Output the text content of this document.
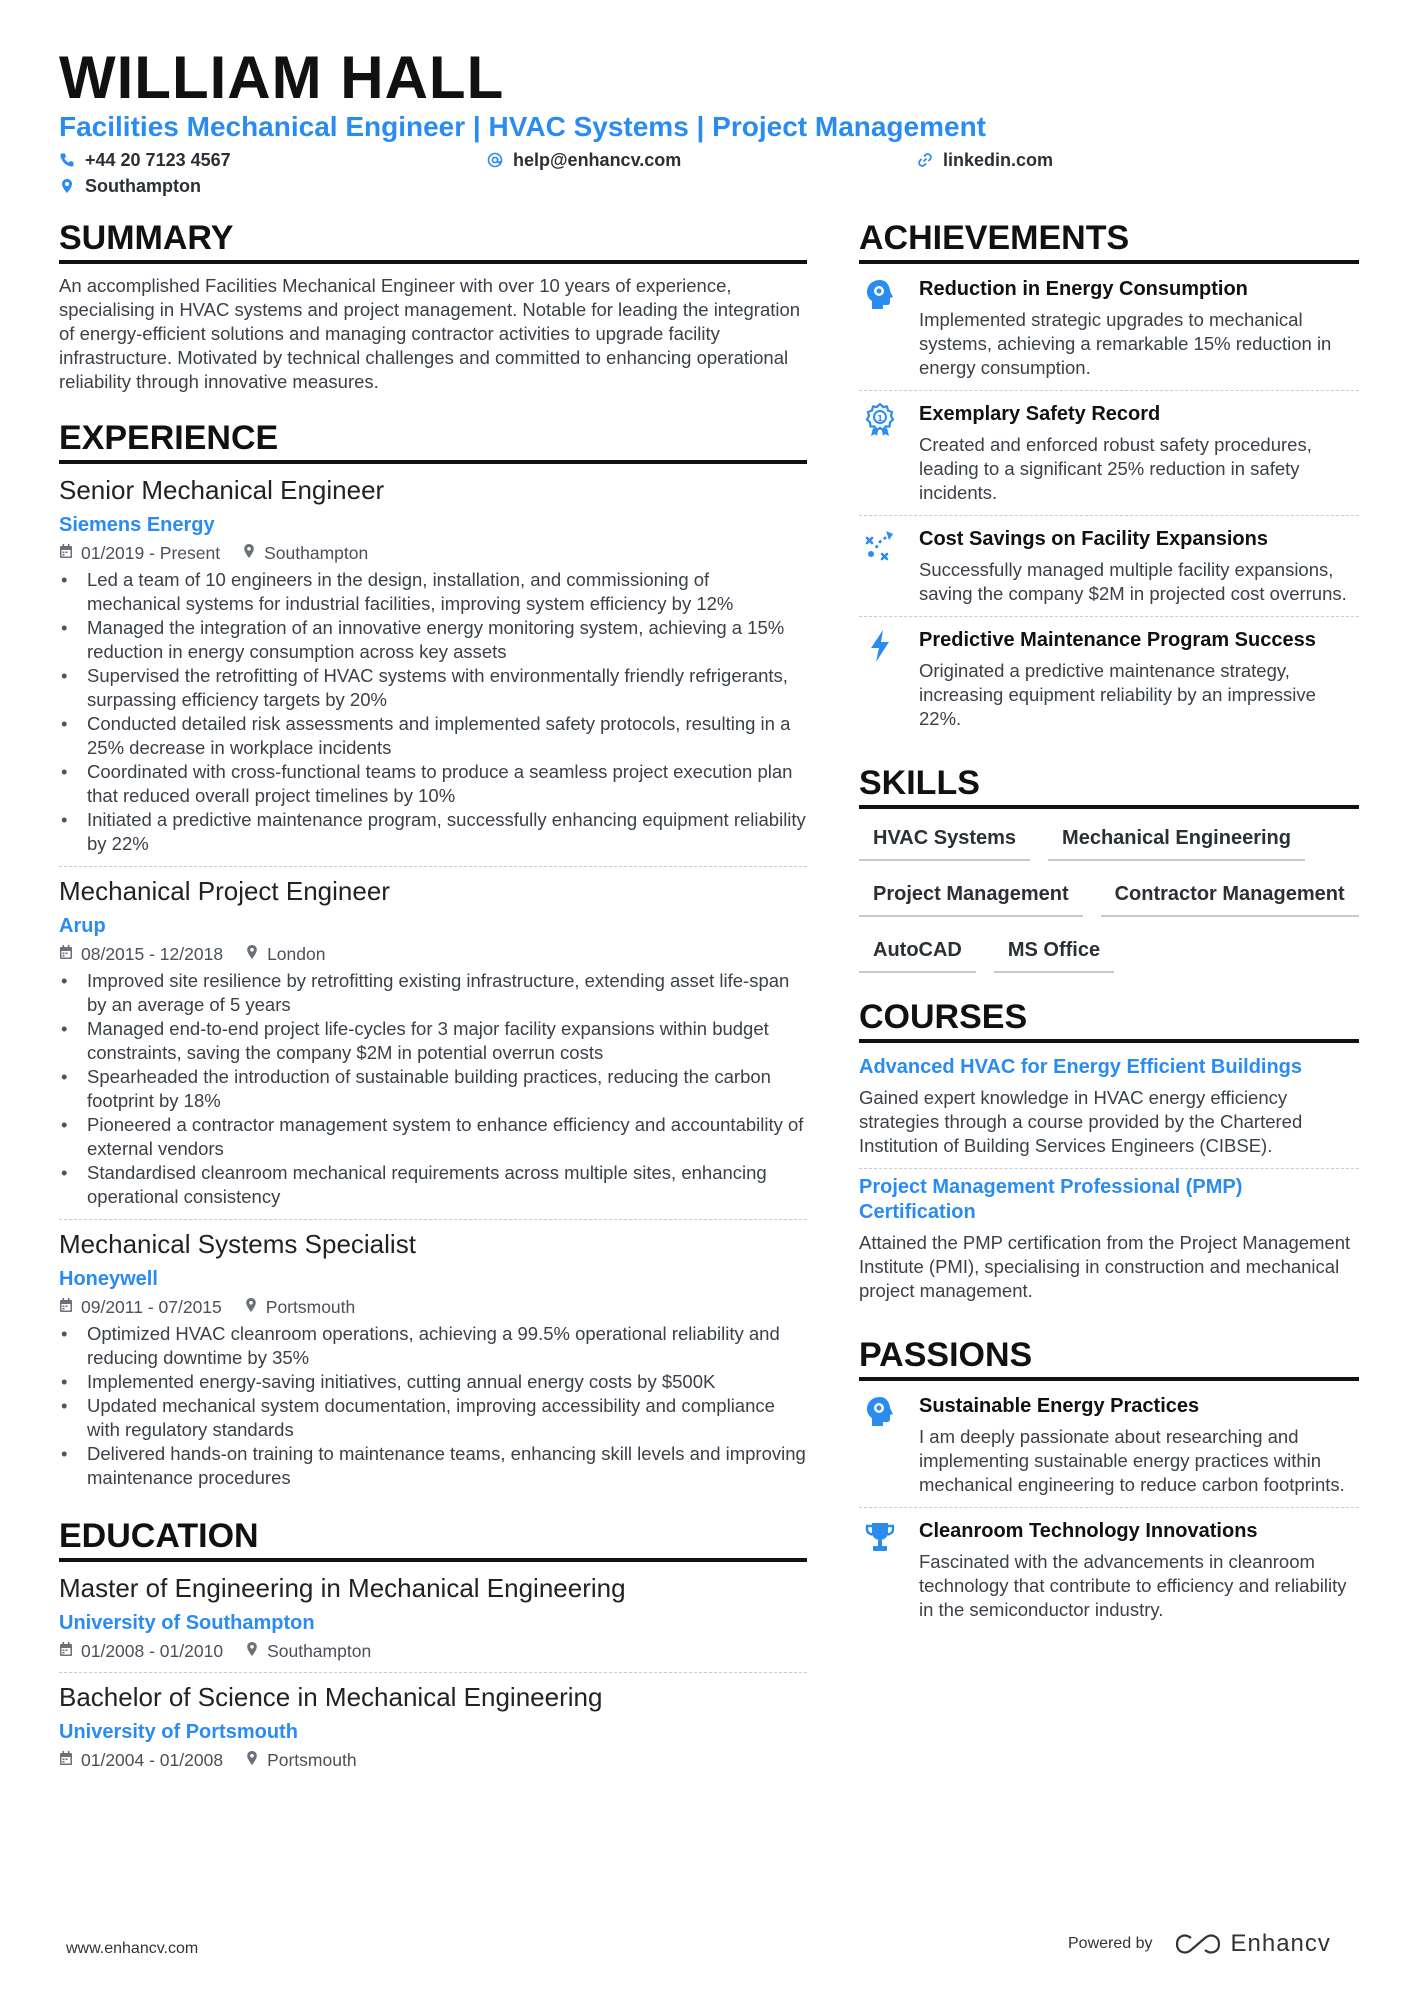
WILLIAM HALL
Facilities Mechanical Engineer | HVAC Systems | Project Management
+44 20 7123 4567	help@enhancv.com	linkedin.com
Southampton
SUMMARY

An accomplished Facilities Mechanical Engineer with over 10 years of experience, specialising in HVAC systems and project management. Notable for leading the integration of energy-efficient solutions and managing contractor activities to upgrade facility infrastructure. Motivated by technical challenges and committed to enhancing operational reliability through innovative measures.

EXPERIENCE
Senior Mechanical Engineer
Siemens Energy
01/2019 - Present	Southampton
• Led a team of 10 engineers in the design, installation, and commissioning of mechanical systems for industrial facilities, improving system efficiency by 12%
• Managed the integration of an innovative energy monitoring system, achieving a 15% reduction in energy consumption across key assets
• Supervised the retrofitting of HVAC systems with environmentally friendly refrigerants, surpassing efficiency targets by 20%
• Conducted detailed risk assessments and implemented safety protocols, resulting in a 25% decrease in workplace incidents
• Coordinated with cross-functional teams to produce a seamless project execution plan that reduced overall project timelines by 10%
• Initiated a predictive maintenance program, successfully enhancing equipment reliability by 22%
Mechanical Project Engineer
Arup
08/2015 - 12/2018	London
• Improved site resilience by retrofitting existing infrastructure, extending asset life-span by an average of 5 years
• Managed end-to-end project life-cycles for 3 major facility expansions within budget constraints, saving the company $2M in potential overrun costs
• Spearheaded the introduction of sustainable building practices, reducing the carbon footprint by 18%
• Pioneered a contractor management system to enhance efficiency and accountability of external vendors
• Standardised cleanroom mechanical requirements across multiple sites, enhancing operational consistency
Mechanical Systems Specialist
Honeywell
09/2011 - 07/2015	Portsmouth
• Optimized HVAC cleanroom operations, achieving a 99.5% operational reliability and reducing downtime by 35%
• Implemented energy-saving initiatives, cutting annual energy costs by $500K
• Updated mechanical system documentation, improving accessibility and compliance with regulatory standards
• Delivered hands-on training to maintenance teams, enhancing skill levels and improving maintenance procedures
EDUCATION
Master of Engineering in Mechanical Engineering
University of Southampton
01/2008 - 01/2010	Southampton
Bachelor of Science in Mechanical Engineering
University of Portsmouth
01/2004 - 01/2008	Portsmouth
ACHIEVEMENTS
Reduction in Energy Consumption
Implemented strategic upgrades to mechanical systems, achieving a remarkable 15% reduction in energy consumption.
1 Exemplary Safety Record
Created and enforced robust safety procedures, leading to a significant 25% reduction in safety incidents.
Cost Savings on Facility Expansions
Successfully managed multiple facility expansions, saving the company $2M in projected cost overruns.
Predictive Maintenance Program Success
Originated a predictive maintenance strategy, increasing equipment reliability by an impressive 22%.
SKILLS
HVAC Systems	Mechanical Engineering
Project Management	Contractor Management
AutoCAD	MS Office
COURSES
Advanced HVAC for Energy Efficient Buildings
Gained expert knowledge in HVAC energy efficiency strategies through a course provided by the Chartered Institution of Building Services Engineers (CIBSE).
Project Management Professional (PMP) Certification
Attained the PMP certification from the Project Management Institute (PMI), specialising in construction and mechanical project management.
PASSIONS
Sustainable Energy Practices
I am deeply passionate about researching and implementing sustainable energy practices within mechanical engineering to reduce carbon footprints.
Cleanroom Technology Innovations
Fascinated with the advancements in cleanroom technology that contribute to efficiency and reliability in the semiconductor industry.
www.enhancv.com	Powered by	Enhancv
